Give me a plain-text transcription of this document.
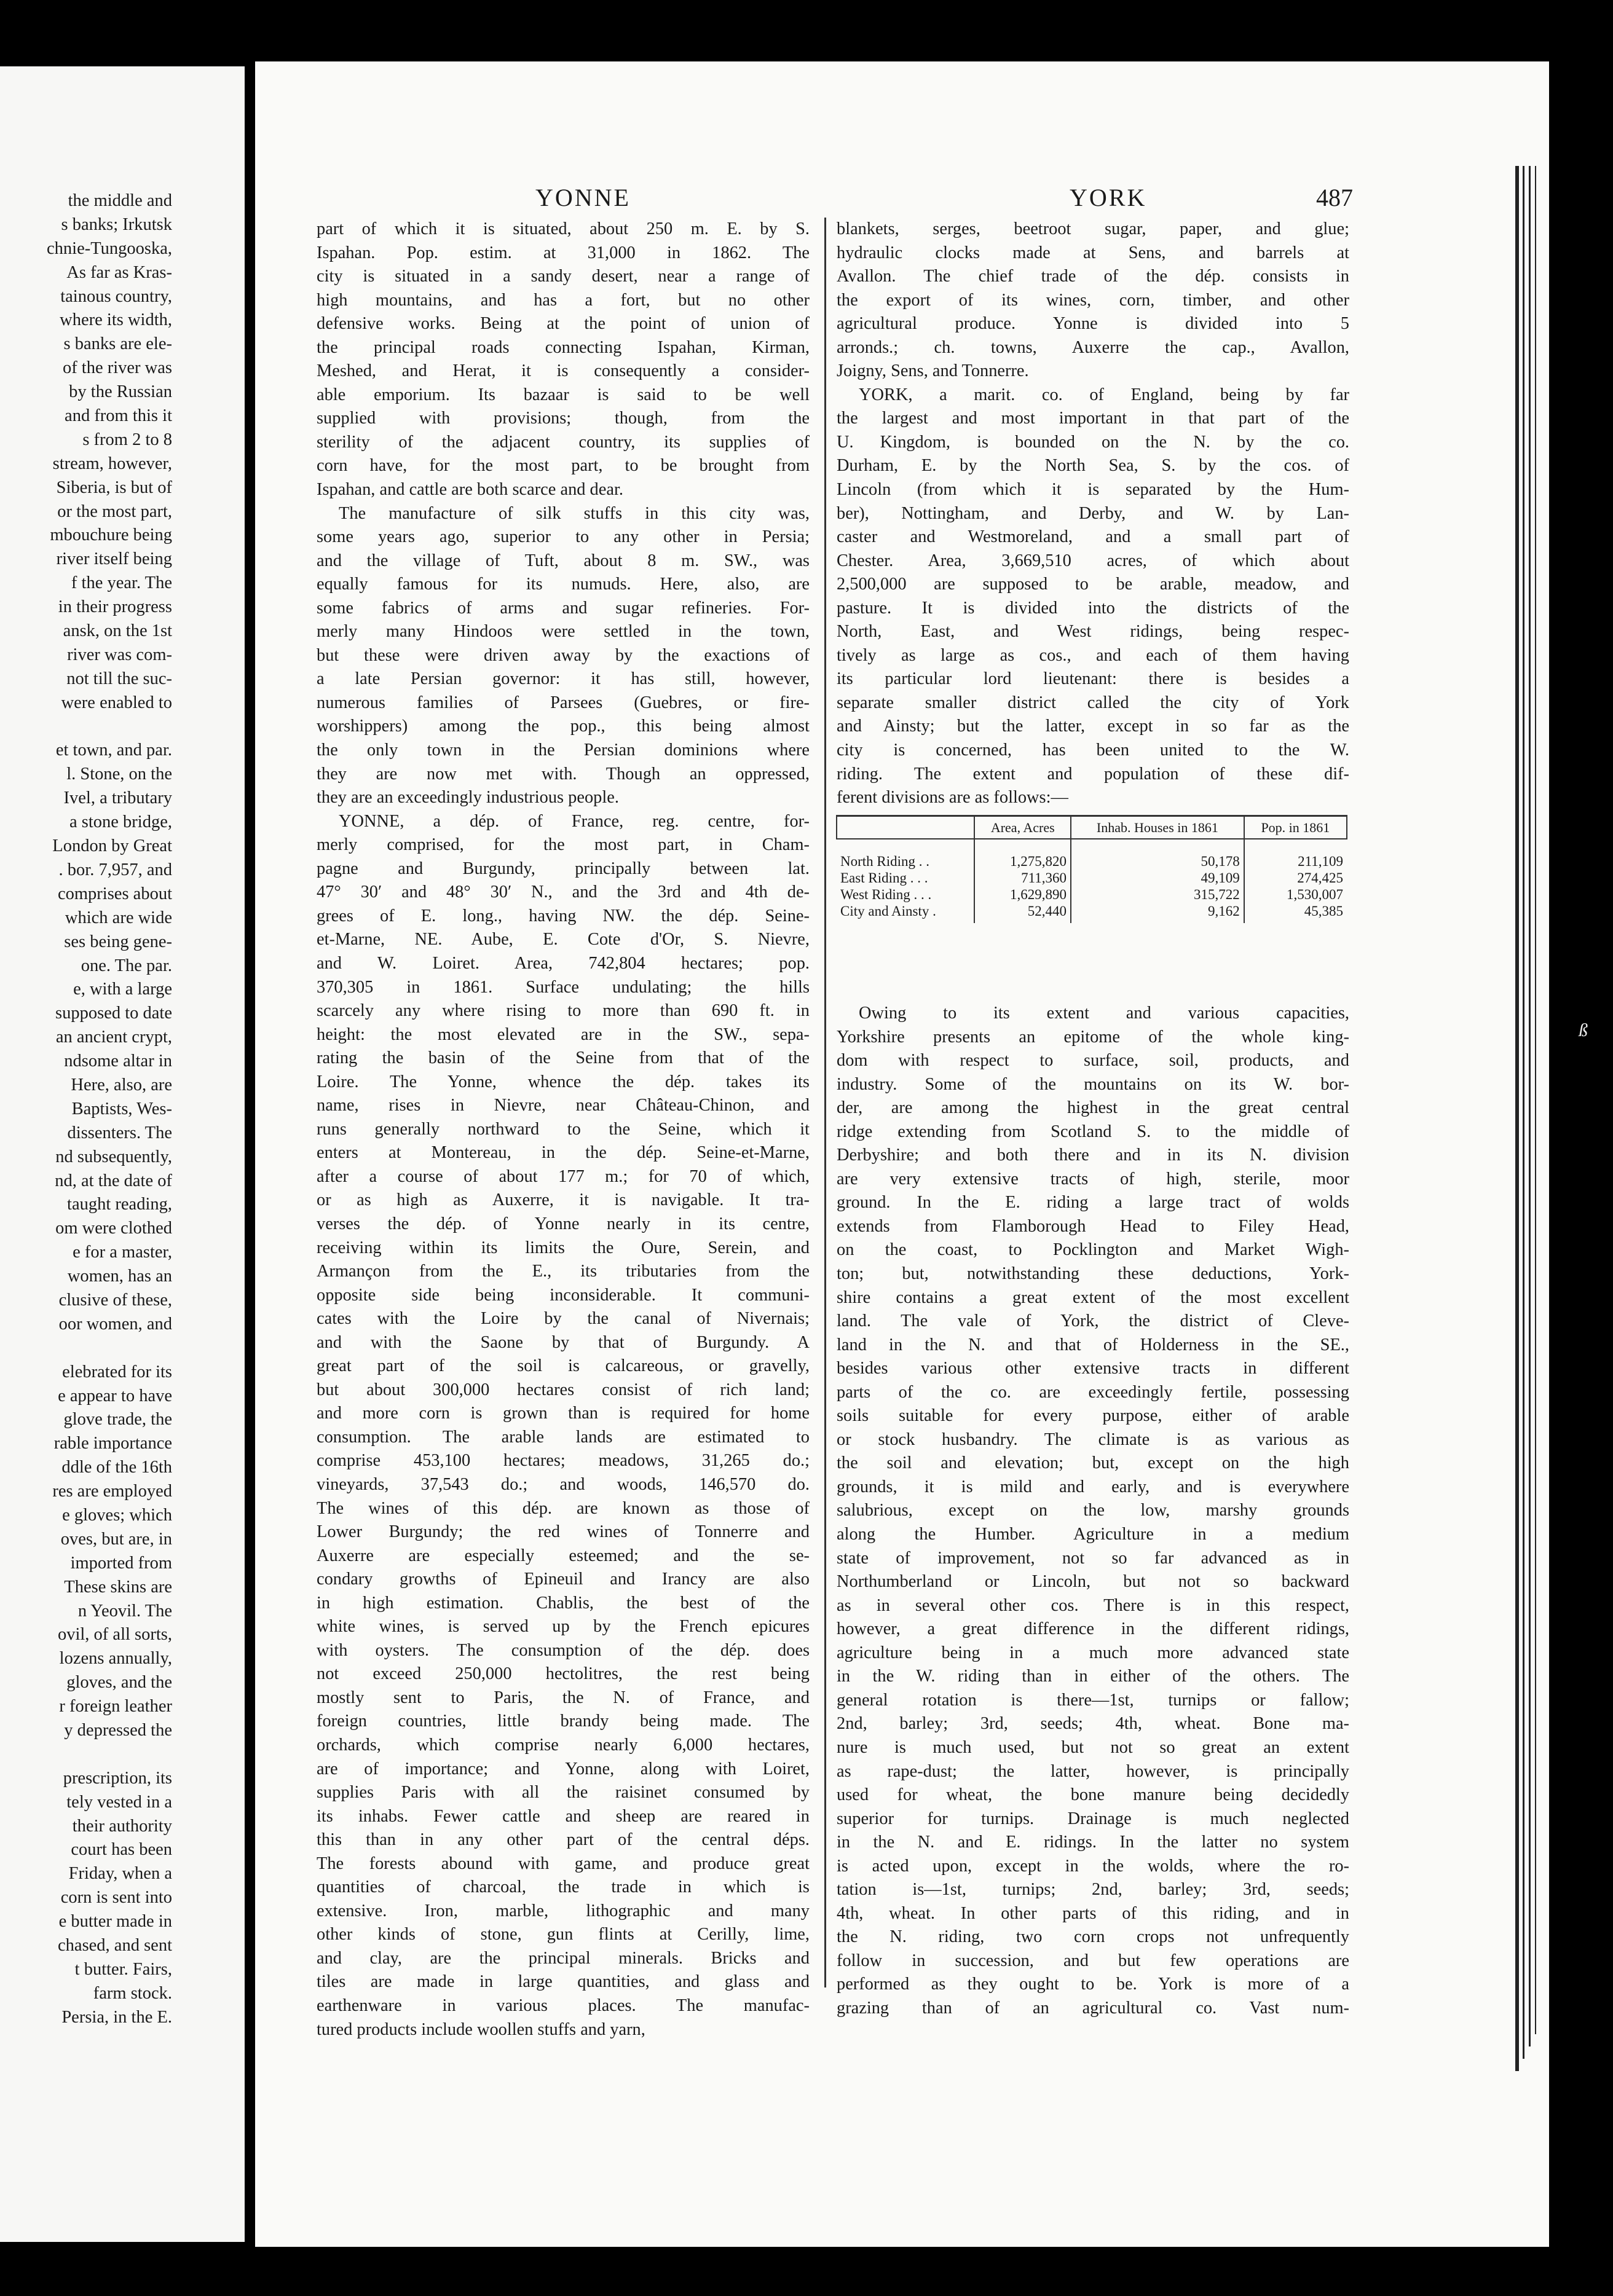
the middle and
s banks; Irkutsk
chnie-Tungooska,
As far as Kras-
tainous country,
where its width,
s banks are ele-
of the river was
by the Russian
and from this it
s from 2 to 8
stream, however,
Siberia, is but of
or the most part,
mbouchure being
river itself being
f the year. The
in their progress
ansk, on the 1st
river was com-
not till the suc-
were enabled to
et town, and par.
l. Stone, on the
Ivel, a tributary
a stone bridge,
London by Great
. bor. 7,957, and
comprises about
which are wide
ses being gene-
one. The par.
e, with a large
supposed to date
an ancient crypt,
ndsome altar in
Here, also, are
Baptists, Wes-
dissenters. The
nd subsequently,
nd, at the date of
taught reading,
om were clothed
e for a master,
women, has an
clusive of these,
oor women, and
elebrated for its
e appear to have
glove trade, the
rable importance
ddle of the 16th
res are employed
e gloves; which
oves, but are, in
imported from
These skins are
n Yeovil. The
ovil, of all sorts,
lozens annually,
gloves, and the
r foreign leather
y depressed the
prescription, its
tely vested in a
their authority
court has been
Friday, when a
corn is sent into
e butter made in
chased, and sent
t butter. Fairs,
farm stock.
Persia, in the E.
YONNE	YORK	487
part of which it is situated, about 250 m. E. by S.
Ispahan. Pop. estim. at 31,000 in 1862. The
city is situated in a sandy desert, near a range of
high mountains, and has a fort, but no other
defensive works. Being at the point of union of
the principal roads connecting Ispahan, Kirman,
Meshed, and Herat, it is consequently a consider-
able emporium. Its bazaar is said to be well
supplied with provisions; though, from the
sterility of the adjacent country, its supplies of
corn have, for the most part, to be brought from
Ispahan, and cattle are both scarce and dear.
The manufacture of silk stuffs in this city was,
some years ago, superior to any other in Persia;
and the village of Tuft, about 8 m. SW., was
equally famous for its numuds. Here, also, are
some fabrics of arms and sugar refineries. For-
merly many Hindoos were settled in the town,
but these were driven away by the exactions of
a late Persian governor: it has still, however,
numerous families of Parsees (Guebres, or fire-
worshippers) among the pop., this being almost
the only town in the Persian dominions where
they are now met with. Though an oppressed,
they are an exceedingly industrious people.
YONNE, a dép. of France, reg. centre, for-
merly comprised, for the most part, in Cham-
pagne and Burgundy, principally between lat.
47° 30′ and 48° 30′ N., and the 3rd and 4th de-
grees of E. long., having NW. the dép. Seine-
et-Marne, NE. Aube, E. Cote d'Or, S. Nievre,
and W. Loiret. Area, 742,804 hectares; pop.
370,305 in 1861. Surface undulating; the hills
scarcely any where rising to more than 690 ft. in
height: the most elevated are in the SW., sepa-
rating the basin of the Seine from that of the
Loire. The Yonne, whence the dép. takes its
name, rises in Nievre, near Château-Chinon, and
runs generally northward to the Seine, which it
enters at Montereau, in the dép. Seine-et-Marne,
after a course of about 177 m.; for 70 of which,
or as high as Auxerre, it is navigable. It tra-
verses the dép. of Yonne nearly in its centre,
receiving within its limits the Oure, Serein, and
Armançon from the E., its tributaries from the
opposite side being inconsiderable. It communi-
cates with the Loire by the canal of Nivernais;
and with the Saone by that of Burgundy. A
great part of the soil is calcareous, or gravelly,
but about 300,000 hectares consist of rich land;
and more corn is grown than is required for home
consumption. The arable lands are estimated to
comprise 453,100 hectares; meadows, 31,265 do.;
vineyards, 37,543 do.; and woods, 146,570 do.
The wines of this dép. are known as those of
Lower Burgundy; the red wines of Tonnerre and
Auxerre are especially esteemed; and the se-
condary growths of Epineuil and Irancy are also
in high estimation. Chablis, the best of the
white wines, is served up by the French epicures
with oysters. The consumption of the dép. does
not exceed 250,000 hectolitres, the rest being
mostly sent to Paris, the N. of France, and
foreign countries, little brandy being made. The
orchards, which comprise nearly 6,000 hectares,
are of importance; and Yonne, along with Loiret,
supplies Paris with all the raisinet consumed by
its inhabs. Fewer cattle and sheep are reared in
this than in any other part of the central déps.
The forests abound with game, and produce great
quantities of charcoal, the trade in which is
extensive. Iron, marble, lithographic and many
other kinds of stone, gun flints at Cerilly, lime,
and clay, are the principal minerals. Bricks and
tiles are made in large quantities, and glass and
earthenware in various places. The manufac-
tured products include woollen stuffs and yarn,
blankets, serges, beetroot sugar, paper, and glue;
hydraulic clocks made at Sens, and barrels at
Avallon. The chief trade of the dép. consists in
the export of its wines, corn, timber, and other
agricultural produce. Yonne is divided into 5
arronds.; ch. towns, Auxerre the cap., Avallon,
Joigny, Sens, and Tonnerre.
YORK, a marit. co. of England, being by far
the largest and most important in that part of the
U. Kingdom, is bounded on the N. by the co.
Durham, E. by the North Sea, S. by the cos. of
Lincoln (from which it is separated by the Hum-
ber), Nottingham, and Derby, and W. by Lan-
caster and Westmoreland, and a small part of
Chester. Area, 3,669,510 acres, of which about
2,500,000 are supposed to be arable, meadow, and
pasture. It is divided into the districts of the
North, East, and West ridings, being respec-
tively as large as cos., and each of them having
its particular lord lieutenant: there is besides a
separate smaller district called the city of York
and Ainsty; but the latter, except in so far as the
city is concerned, has been united to the W.
riding. The extent and population of these dif-
ferent divisions are as follows:—
	Area, Acres	Inhab. Houses in 1861	Pop. in 1861
North Riding . .	1,275,820	50,178	211,109
East Riding . . .	711,360	49,109	274,425
West Riding . . .	1,629,890	315,722	1,530,007
City and Ainsty .	52,440	9,162	45,385
Owing to its extent and various capacities,
Yorkshire presents an epitome of the whole king-
dom with respect to surface, soil, products, and
industry. Some of the mountains on its W. bor-
der, are among the highest in the great central
ridge extending from Scotland S. to the middle of
Derbyshire; and both there and in its N. division
are very extensive tracts of high, sterile, moor
ground. In the E. riding a large tract of wolds
extends from Flamborough Head to Filey Head,
on the coast, to Pocklington and Market Wigh-
ton; but, notwithstanding these deductions, York-
shire contains a great extent of the most excellent
land. The vale of York, the district of Cleve-
land in the N. and that of Holderness in the SE.,
besides various other extensive tracts in different
parts of the co. are exceedingly fertile, possessing
soils suitable for every purpose, either of arable
or stock husbandry. The climate is as various as
the soil and elevation; but, except on the high
grounds, it is mild and early, and is everywhere
salubrious, except on the low, marshy grounds
along the Humber. Agriculture in a medium
state of improvement, not so far advanced as in
Northumberland or Lincoln, but not so backward
as in several other cos. There is in this respect,
however, a great difference in the different ridings,
agriculture being in a much more advanced state
in the W. riding than in either of the others. The
general rotation is there—1st, turnips or fallow;
2nd, barley; 3rd, seeds; 4th, wheat. Bone ma-
nure is much used, but not so great an extent
as rape-dust; the latter, however, is principally
used for wheat, the bone manure being decidedly
superior for turnips. Drainage is much neglected
in the N. and E. ridings. In the latter no system
is acted upon, except in the wolds, where the ro-
tation is—1st, turnips; 2nd, barley; 3rd, seeds;
4th, wheat. In other parts of this riding, and in
the N. riding, two corn crops not unfrequently
follow in succession, and but few operations are
performed as they ought to be. York is more of a
grazing than of an agricultural co. Vast num-
ß
